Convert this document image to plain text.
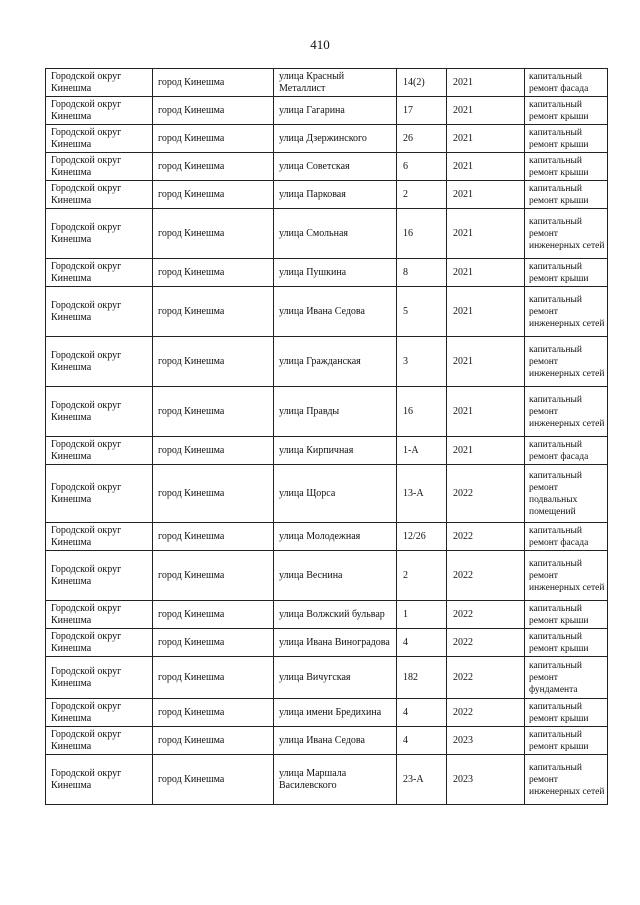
410
Городской округ Кинешма	город Кинешма	улица Красный Металлист	14(2)	2021	капитальный ремонт фасада
Городской округ Кинешма	город Кинешма	улица Гагарина	17	2021	капитальный ремонт крыши
Городской округ Кинешма	город Кинешма	улица Дзержинского	26	2021	капитальный ремонт крыши
Городской округ Кинешма	город Кинешма	улица Советская	6	2021	капитальный ремонт крыши
Городской округ Кинешма	город Кинешма	улица Парковая	2	2021	капитальный ремонт крыши
Городской округ Кинешма	город Кинешма	улица Смольная	16	2021	капитальный ремонт инженерных сетей
Городской округ Кинешма	город Кинешма	улица Пушкина	8	2021	капитальный ремонт крыши
Городской округ Кинешма	город Кинешма	улица Ивана Седова	5	2021	капитальный ремонт инженерных сетей
Городской округ Кинешма	город Кинешма	улица Гражданская	3	2021	капитальный ремонт инженерных сетей
Городской округ Кинешма	город Кинешма	улица Правды	16	2021	капитальный ремонт инженерных сетей
Городской округ Кинешма	город Кинешма	улица Кирпичная	1-А	2021	капитальный ремонт фасада
Городской округ Кинешма	город Кинешма	улица Щорса	13-А	2022	капитальный ремонт подвальных помещений
Городской округ Кинешма	город Кинешма	улица Молодежная	12/26	2022	капитальный ремонт фасада
Городской округ Кинешма	город Кинешма	улица Веснина	2	2022	капитальный ремонт инженерных сетей
Городской округ Кинешма	город Кинешма	улица Волжский бульвар	1	2022	капитальный ремонт крыши
Городской округ Кинешма	город Кинешма	улица Ивана Виноградова	4	2022	капитальный ремонт крыши
Городской округ Кинешма	город Кинешма	улица Вичугская	182	2022	капитальный ремонт фундамента
Городской округ Кинешма	город Кинешма	улица имени Бредихина	4	2022	капитальный ремонт крыши
Городской округ Кинешма	город Кинешма	улица Ивана Седова	4	2023	капитальный ремонт крыши
Городской округ Кинешма	город Кинешма	улица Маршала Василевского	23-А	2023	капитальный ремонт инженерных сетей
